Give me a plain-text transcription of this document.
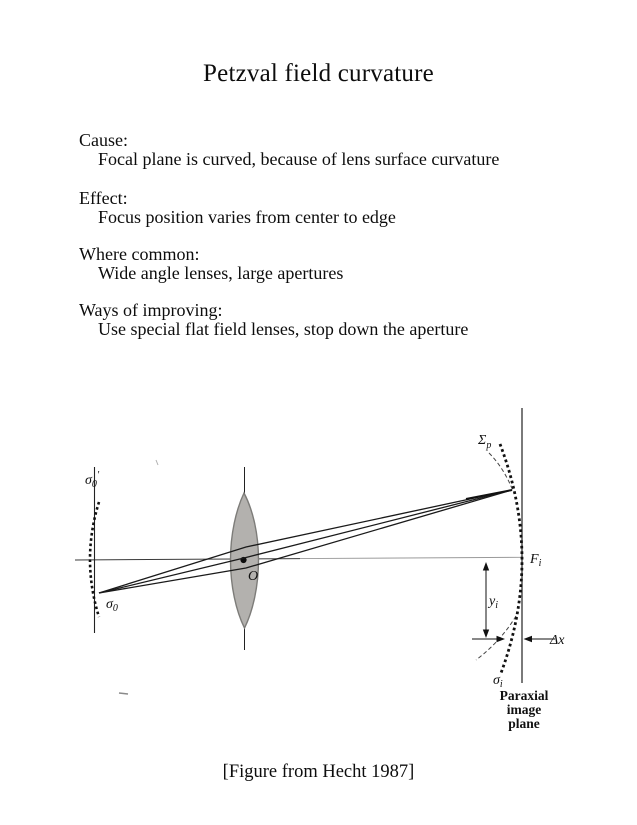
Petzval field curvature
Cause:
Focal plane is curved, because of lens surface curvature
Effect:
Focus position varies from center to edge
Where common:
Wide angle lenses, large apertures
Ways of improving:
Use special flat field lenses, stop down the aperture
$\sigma_0'$
$\sigma_0$
$\Sigma_p$
$F_i$
$y_i$
Δx
$\sigma_i$
O
Paraxial
image
plane
[Figure from Hecht 1987]
